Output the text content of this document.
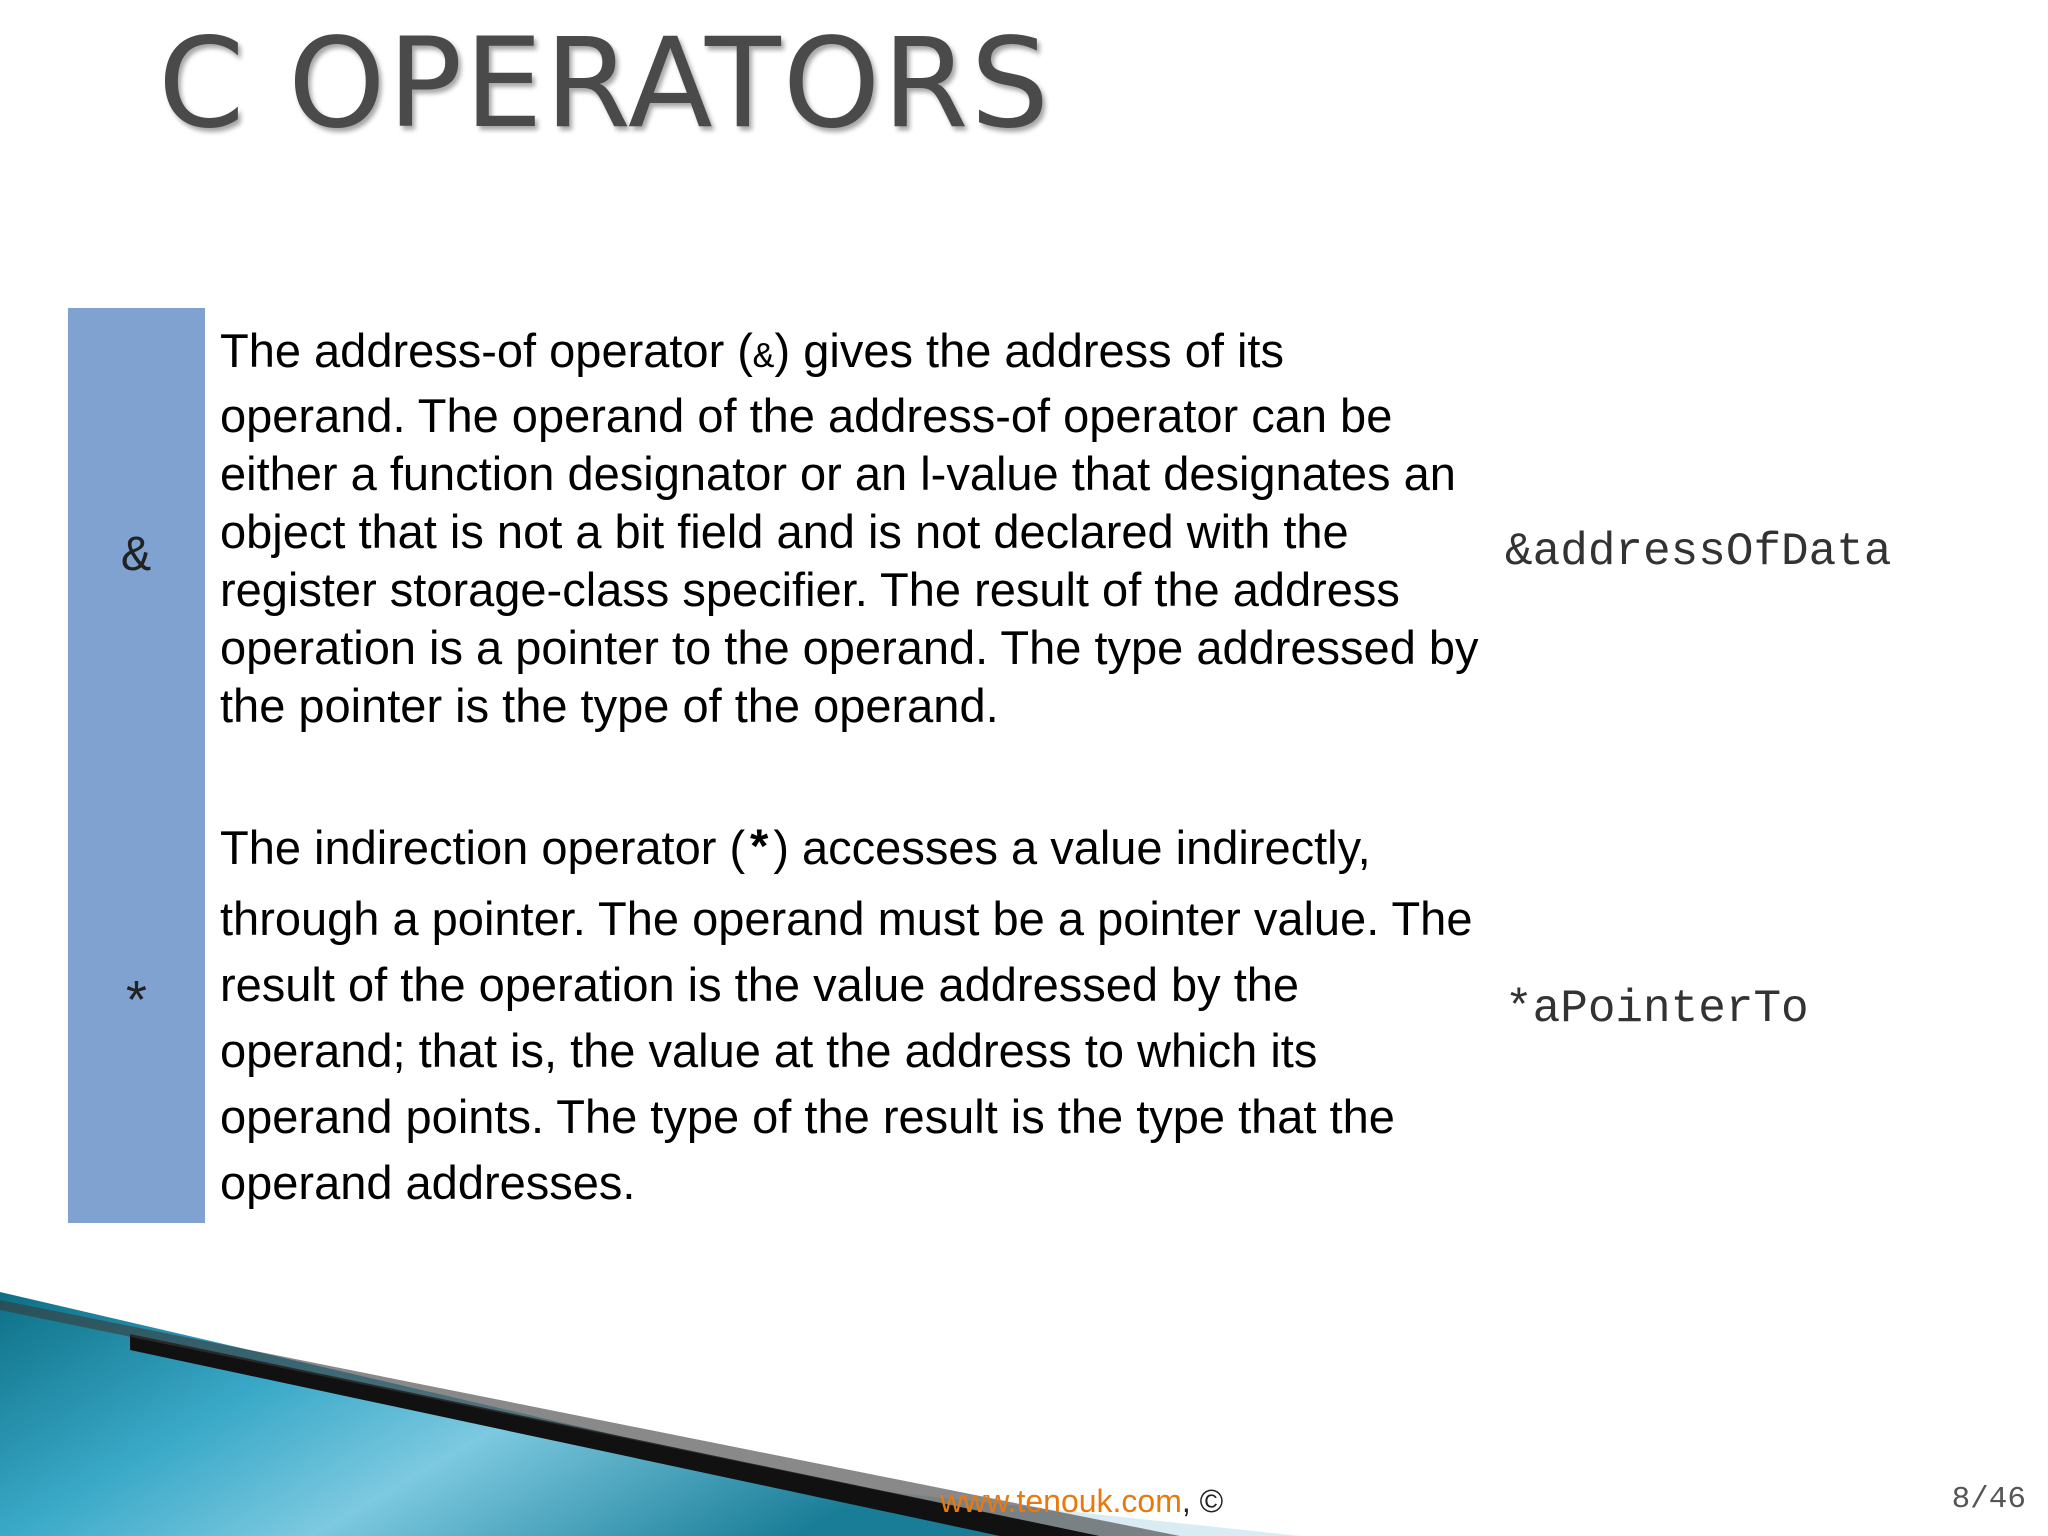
C OPERATORS
&
*

The address-of operator (&) gives the address of its operand. The operand of the address-of operator can be either a function designator or an l-value that designates an object that is not a bit field and is not declared with the register storage-class specifier. The result of the address operation is a pointer to the operand. The type addressed by the pointer is the type of the operand.

The indirection operator (*) accesses a value indirectly, through a pointer. The operand must be a pointer value. The result of the operation is the value addressed by the operand; that is, the value at the address to which its operand points. The type of the result is the type that the operand addresses.

&addressOfData
*aPointerTo
www.tenouk.com, ©	8/46
